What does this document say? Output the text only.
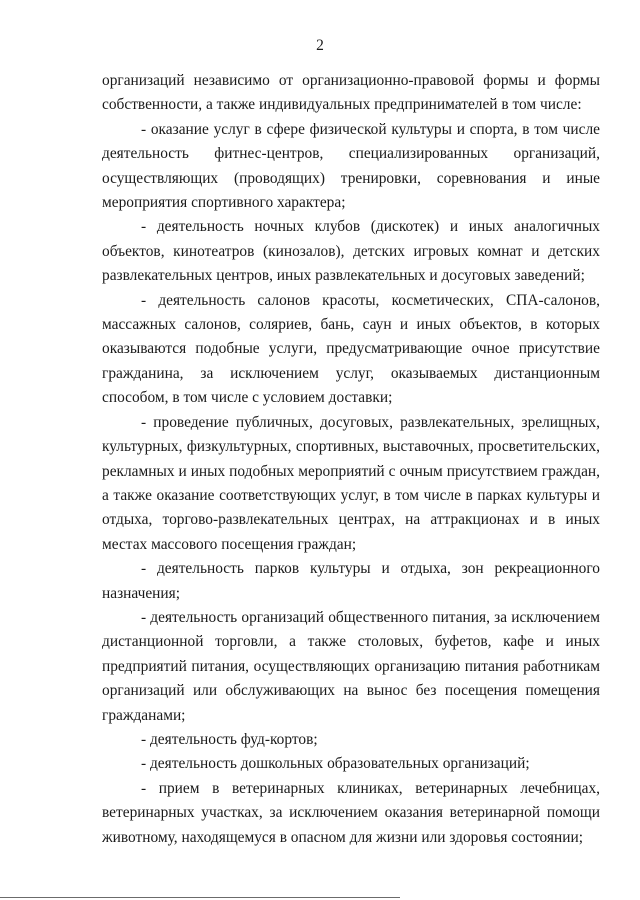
2

организаций независимо от организационно-правовой формы и формы собственности, а также индивидуальных предпринимателей в том числе:

- оказание услуг в сфере физической культуры и спорта, в том числе деятельность фитнес-центров, специализированных организаций, осуществляющих (проводящих) тренировки, соревнования и иные мероприятия спортивного характера;

- деятельность ночных клубов (дискотек) и иных аналогичных объектов, кинотеатров (кинозалов), детских игровых комнат и детских развлекательных центров, иных развлекательных и досуговых заведений;

- деятельность салонов красоты, косметических, СПА-салонов, массажных салонов, соляриев, бань, саун и иных объектов, в которых оказываются подобные услуги, предусматривающие очное присутствие гражданина, за исключением услуг, оказываемых дистанционным способом, в том числе с условием доставки;

- проведение публичных, досуговых, развлекательных, зрелищных, культурных, физкультурных, спортивных, выставочных, просветительских, рекламных и иных подобных мероприятий с очным присутствием граждан, а также оказание соответствующих услуг, в том числе в парках культуры и отдыха, торгово-развлекательных центрах, на аттракционах и в иных местах массового посещения граждан;

- деятельность парков культуры и отдыха, зон рекреационного назначения;

- деятельность организаций общественного питания, за исключением дистанционной торговли, а также столовых, буфетов, кафе и иных предприятий питания, осуществляющих организацию питания работникам организаций или обслуживающих на вынос без посещения помещения гражданами;

- деятельность фуд-кортов;

- деятельность дошкольных образовательных организаций;

- прием в ветеринарных клиниках, ветеринарных лечебницах, ветеринарных участках, за исключением оказания ветеринарной помощи животному, находящемуся в опасном для жизни или здоровья состоянии;
